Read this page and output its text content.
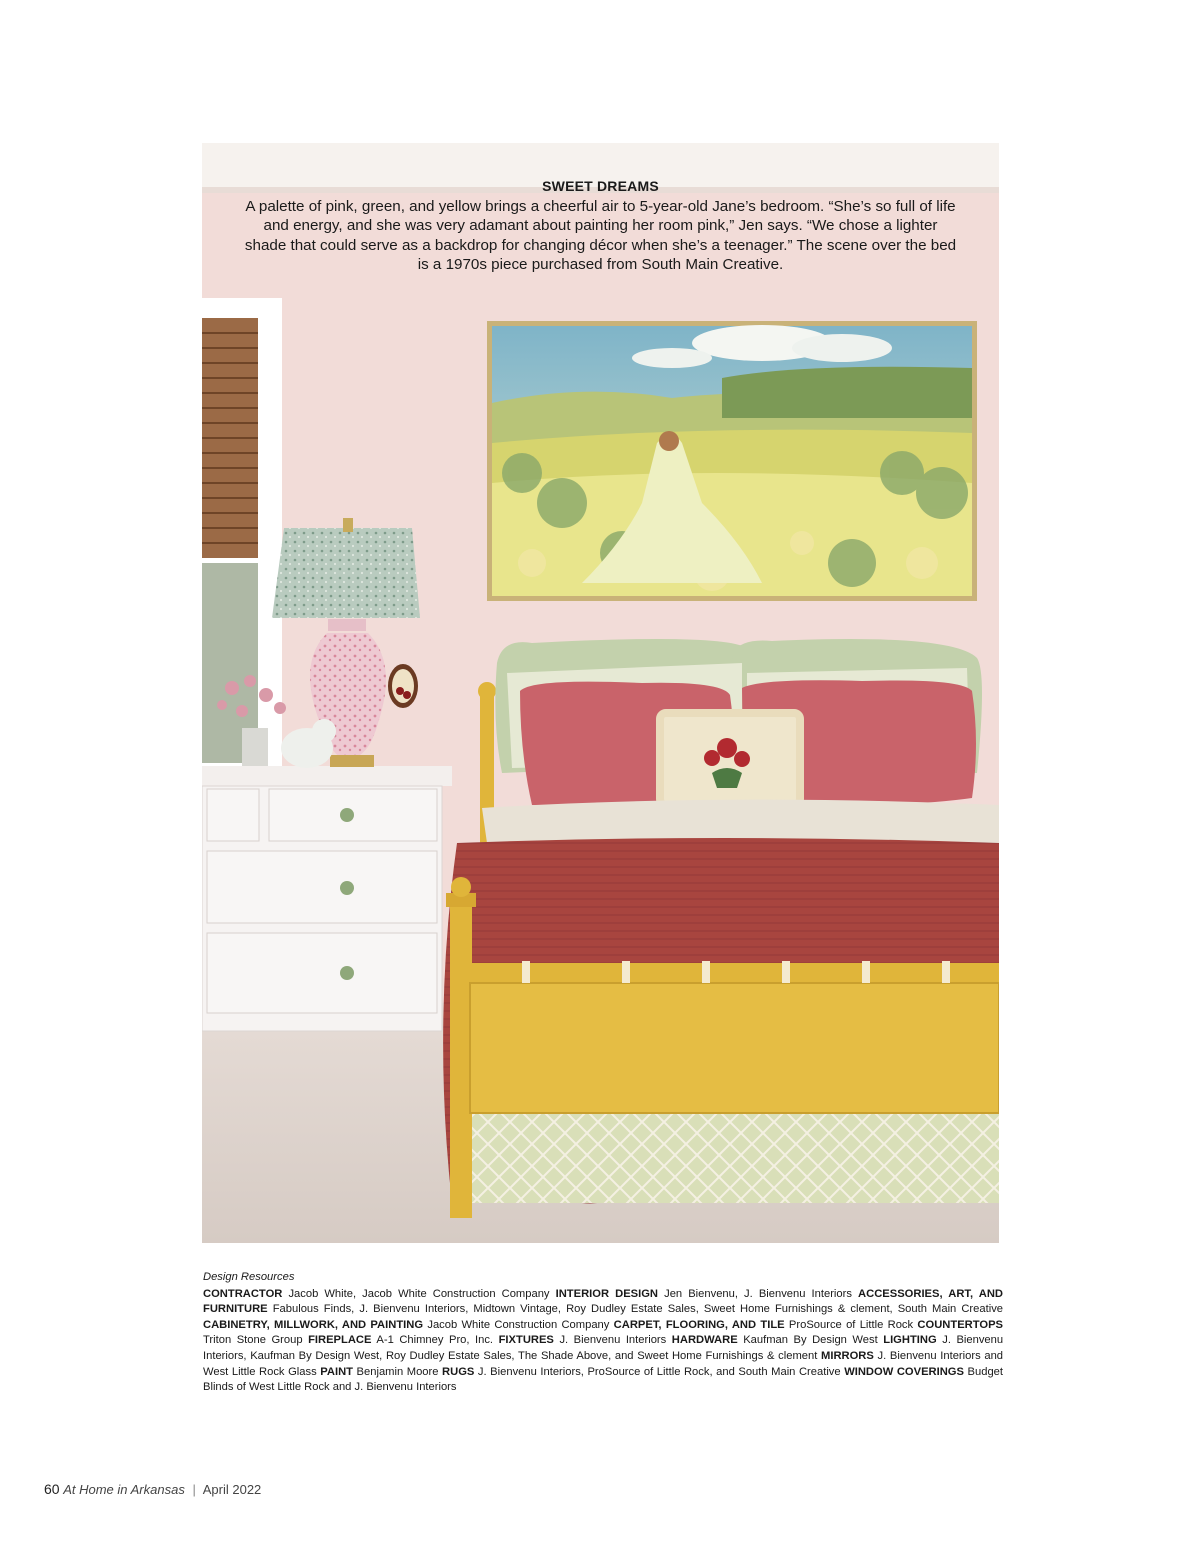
SWEET DREAMS
A palette of pink, green, and yellow brings a cheerful air to 5-year-old Jane’s bedroom. “She’s so full of life and energy, and she was very adamant about painting her room pink,” Jen says. “We chose a lighter shade that could serve as a backdrop for changing décor when she’s a teenager.” The scene over the bed is a 1970s piece purchased from South Main Creative.
Design Resources
CONTRACTOR Jacob White, Jacob White Construction Company INTERIOR DESIGN Jen Bienvenu, J. Bienvenu Interiors ACCESSORIES, ART, AND FURNITURE Fabulous Finds, J. Bienvenu Interiors, Midtown Vintage, Roy Dudley Estate Sales, Sweet Home Furnishings & clement, South Main Creative CABINETRY, MILLWORK, AND PAINTING Jacob White Construction Company CARPET, FLOORING, AND TILE ProSource of Little Rock COUNTERTOPS Triton Stone Group FIREPLACE A-1 Chimney Pro, Inc. FIXTURES J. Bienvenu Interiors HARDWARE Kaufman By Design West LIGHTING J. Bienvenu Interiors, Kaufman By Design West, Roy Dudley Estate Sales, The Shade Above, and Sweet Home Furnishings & clement MIRRORS J. Bienvenu Interiors and West Little Rock Glass PAINT Benjamin Moore RUGS J. Bienvenu Interiors, ProSource of Little Rock, and South Main Creative WINDOW COVERINGS Budget Blinds of West Little Rock and J. Bienvenu Interiors
60 At Home in Arkansas | April 2022
